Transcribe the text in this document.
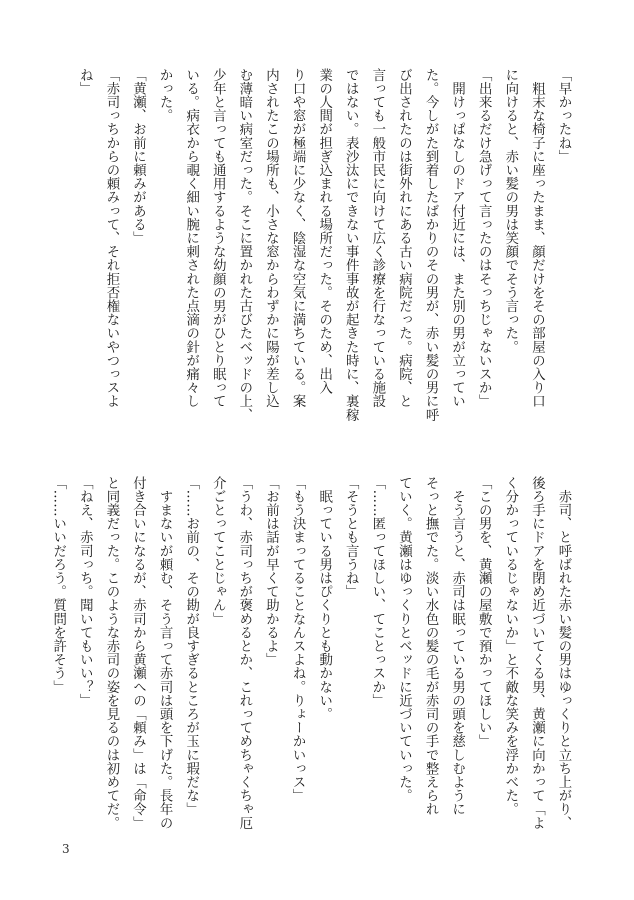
「早かったね」
　粗末な椅子に座ったまま、顔だけをその部屋の入り口
に向けると、赤い髪の男は笑顔でそう言った。
「出来るだけ急げって言ったのはそっちじゃないスか」
　開けっぱなしのドア付近には、また別の男が立ってい
た。今しがた到着したばかりのその男が、赤い髪の男に呼
び出されたのは街外れにある古い病院だった。病院、と
言っても一般市民に向けて広く診療を行なっている施設
ではない。表沙汰にできない事件事故が起きた時に、裏稼
業の人間が担ぎ込まれる場所だった。そのため、出入
り口や窓が極端に少なく、陰湿な空気に満ちている。案
内されたこの場所も、小さな窓からわずかに陽が差し込
む薄暗い病室だった。そこに置かれた古びたベッドの上、
少年と言っても通用するような幼顔の男がひとり眠って
いる。病衣から覗く細い腕に刺された点滴の針が痛々し
かった。
「黄瀬、お前に頼みがある」
「赤司っちからの頼みって、それ拒否権ないやつっスよ
ね」
　赤司、と呼ばれた赤い髪の男はゆっくりと立ち上がり、
後ろ手にドアを閉め近づいてくる男、黄瀬に向かって「よ
く分かっているじゃないか」と不敵な笑みを浮かべた。
「この男を、黄瀬の屋敷で預かってほしい」
　そう言うと、赤司は眠っている男の頭を慈しむように
そっと撫でた。淡い水色の髪の毛が赤司の手で整えられ
ていく。黄瀬はゆっくりとベッドに近づいていった。
「……匿ってほしい、てことっスか」
「そうとも言うね」
　眠っている男はぴくりとも動かない。
「もう決まってることなんスよね。りょーかいっス」
「お前は話が早くて助かるよ」
「うわ、赤司っちが褒めるとか、これってめちゃくちゃ厄
介ごとってことじゃん」
「……お前の、その勘が良すぎるところが玉に瑕だな」
　すまないが頼む、そう言って赤司は頭を下げた。長年の
付き合いになるが、赤司から黄瀬への「頼み」は「命令」
と同義だった。このような赤司の姿を見るのは初めてだ。
「ねえ、赤司っち。聞いてもいい？」
「……いいだろう。質問を許そう」
3
